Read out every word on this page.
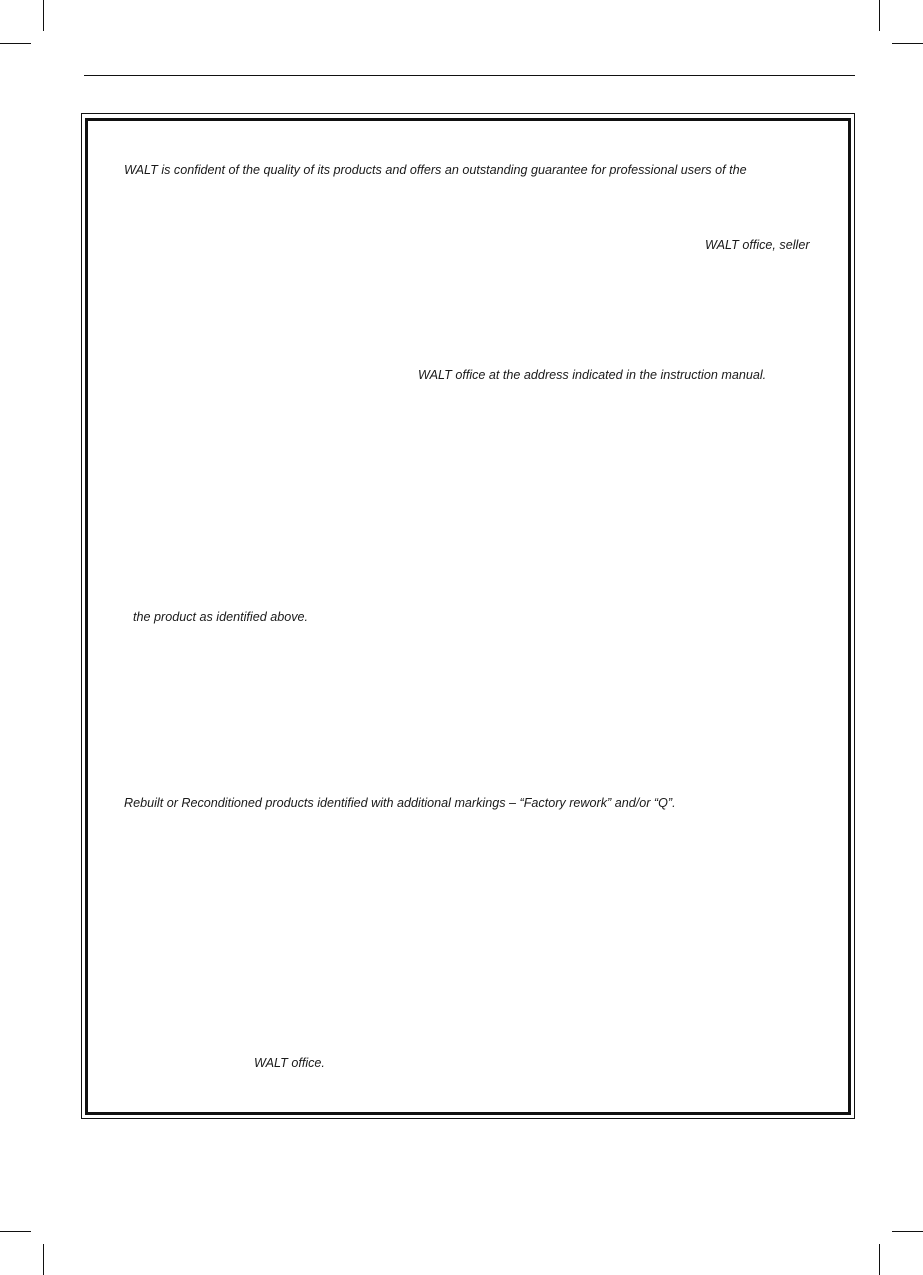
WALT is confident of the quality of its products and offers an outstanding guarantee for professional users of the
WALT office, seller
WALT office at the address indicated in the instruction manual.
the product as identified above.
Rebuilt or Reconditioned products identified with additional markings – “Factory rework” and/or “Q”.
WALT office.
